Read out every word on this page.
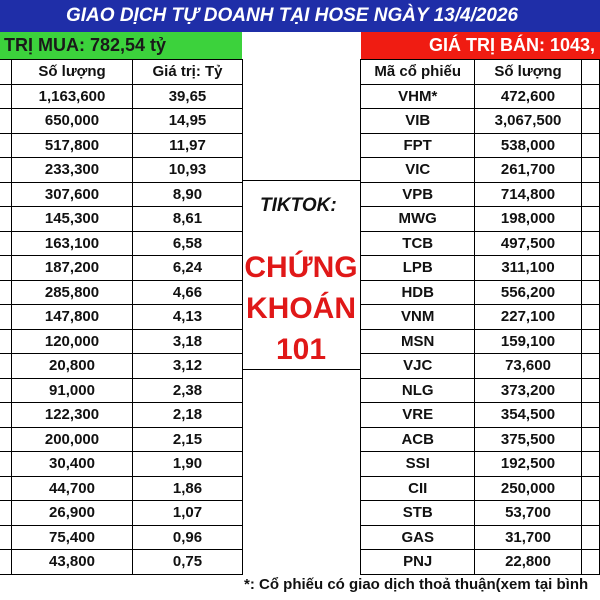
GIAO DỊCH TỰ DOANH TẠI HOSE NGÀY 13/4/2026
TRỊ MUA: 782,54 tỷ	GIÁ TRỊ BÁN: 1043,
	Số lượng	Giá trị: Tỷ
	1,163,600	39,65
	650,000	14,95
	517,800	11,97
	233,300	10,93
	307,600	8,90
	145,300	8,61
	163,100	6,58
	187,200	6,24
	285,800	4,66
	147,800	4,13
	120,000	3,18
	20,800	3,12
	91,000	2,38
	122,300	2,18
	200,000	2,15
	30,400	1,90
	44,700	1,86
	26,900	1,07
	75,400	0,96
	43,800	0,75
TIKTOK:
CHỨNG
KHOÁN
101
Mã cổ phiếu	Số lượng	
VHM*	472,600	
VIB	3,067,500	
FPT	538,000	
VIC	261,700	
VPB	714,800	
MWG	198,000	
TCB	497,500	
LPB	311,100	
HDB	556,200	
VNM	227,100	
MSN	159,100	
VJC	73,600	
NLG	373,200	
VRE	354,500	
ACB	375,500	
SSI	192,500	
CII	250,000	
STB	53,700	
GAS	31,700	
PNJ	22,800	
*: Cổ phiếu có giao dịch thoả thuận(xem tại bình
